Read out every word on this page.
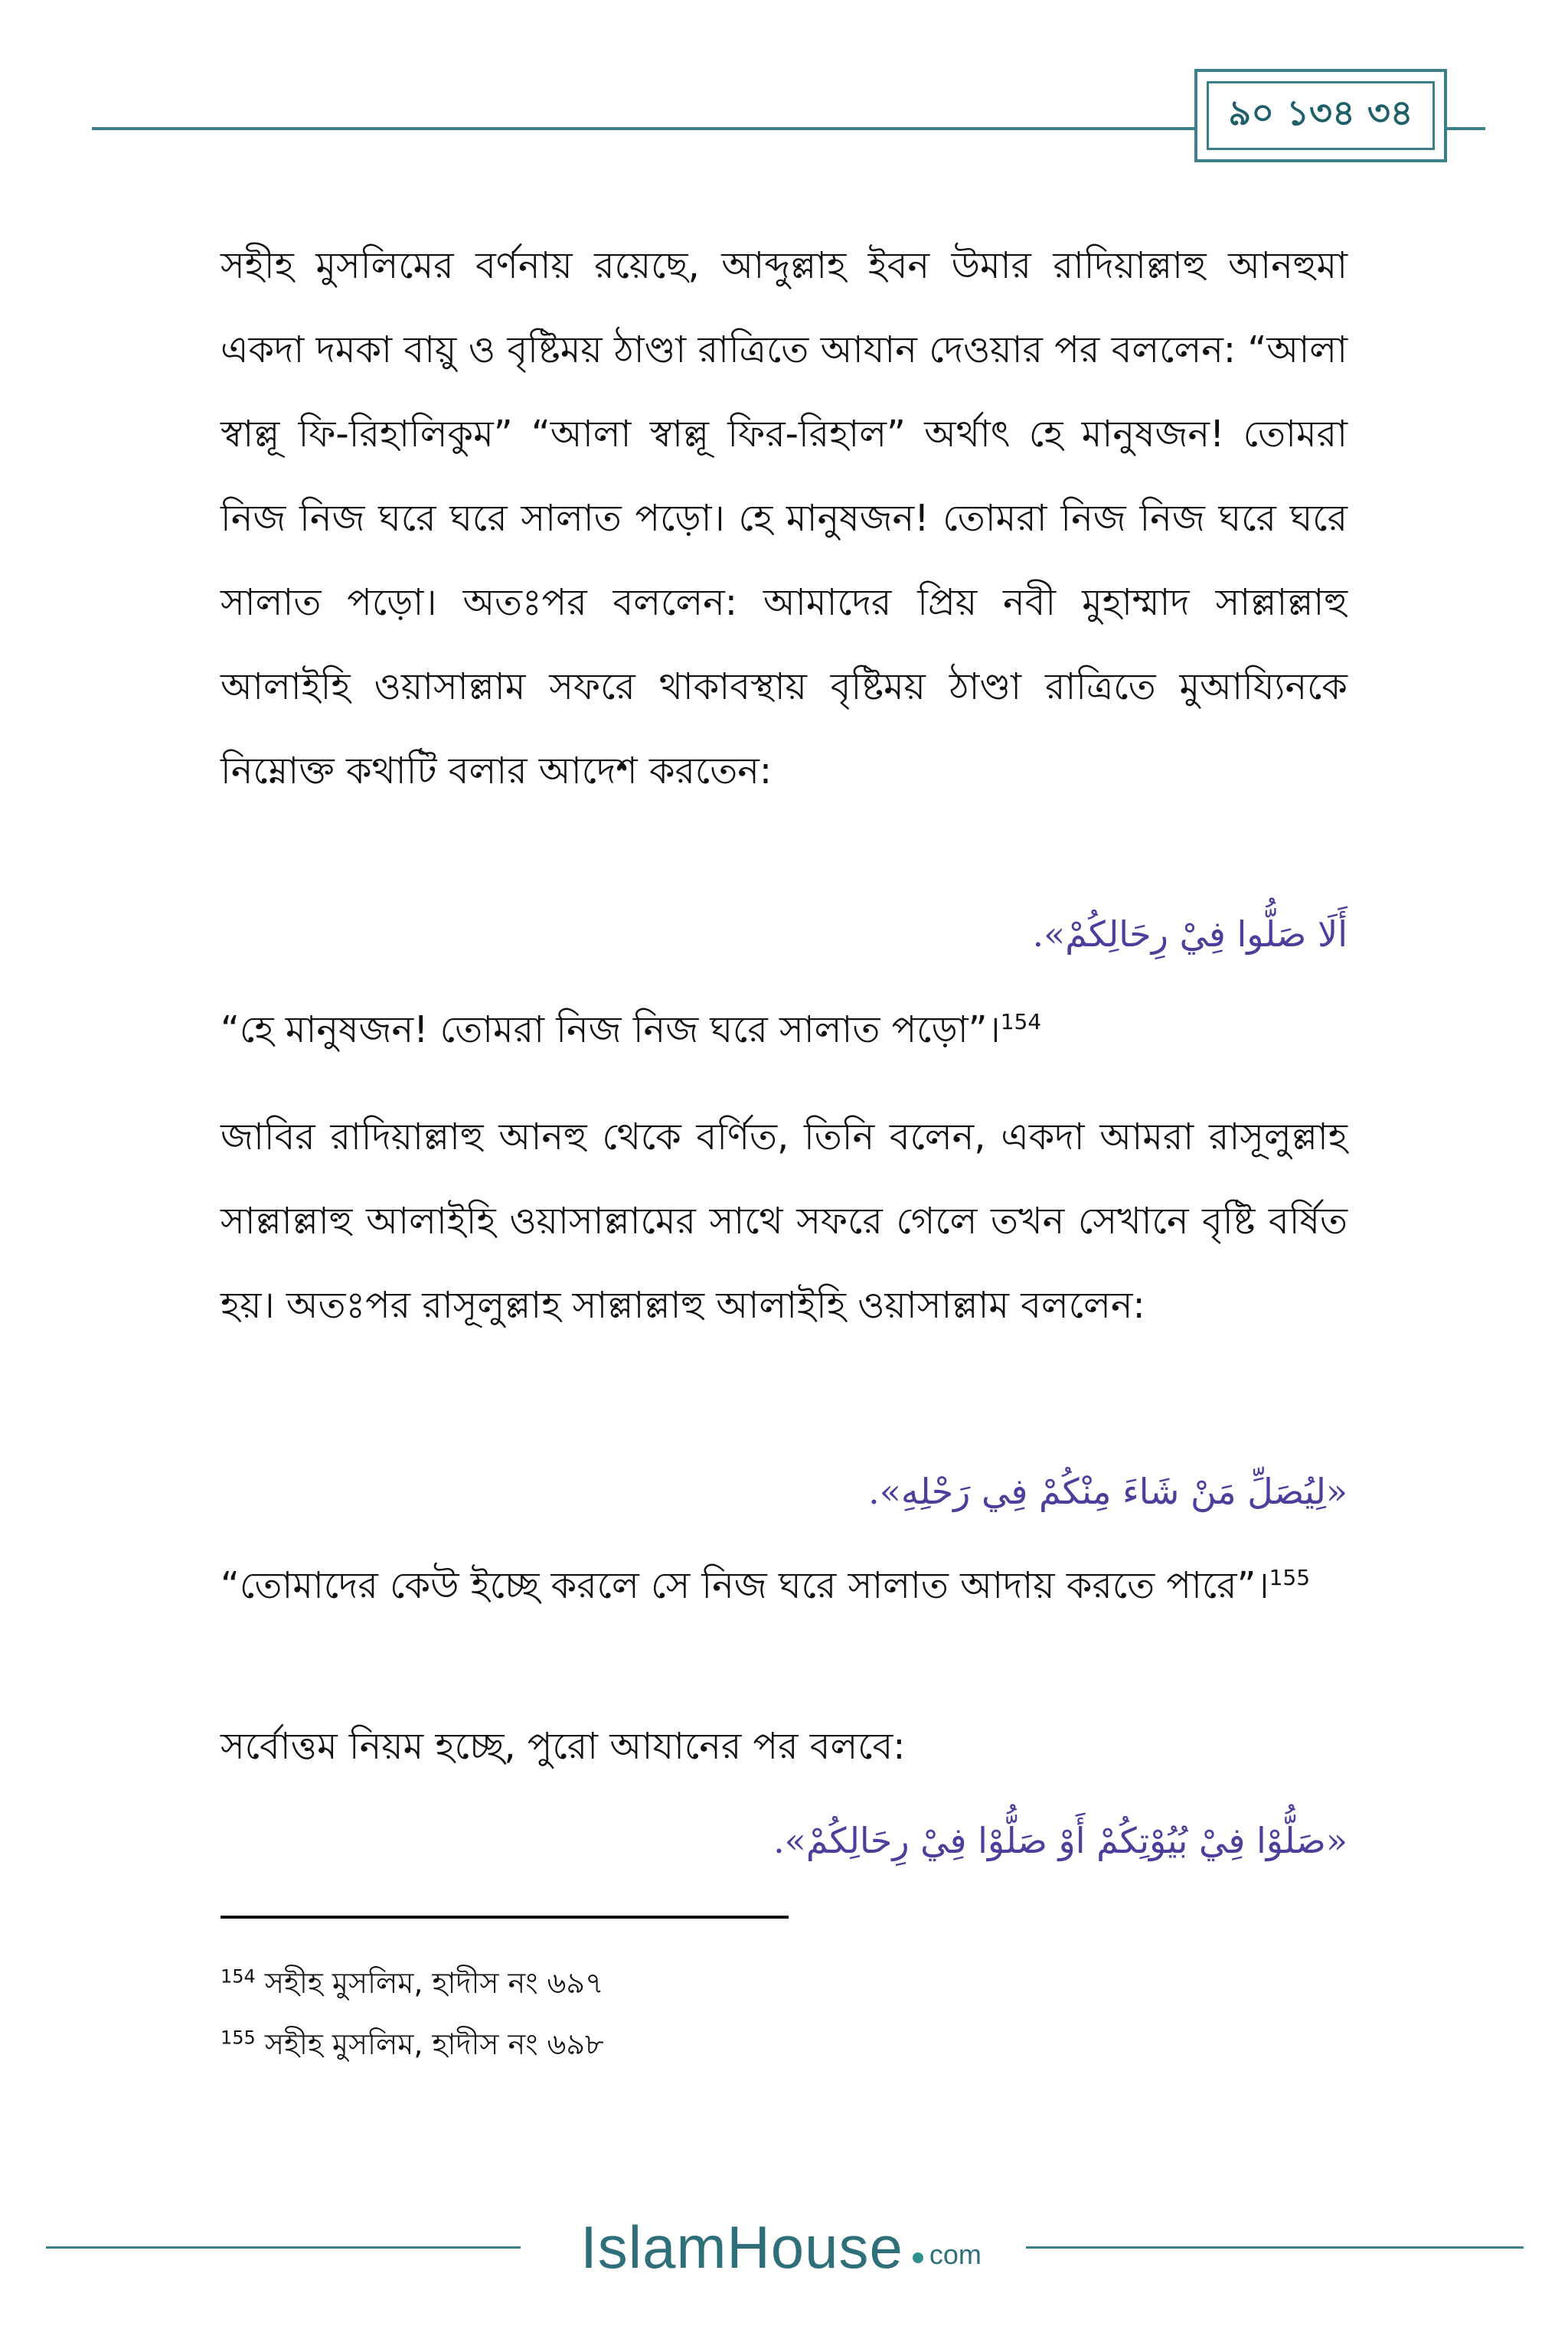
৯০ ১৩৪ ৩৪

সহীহ মুসলিমের বর্ণনায় রয়েছে, আব্দুল্লাহ ইবন উমার রাদিয়াল্লাহু আনহুমা একদা দমকা বায়ু ও বৃষ্টিময় ঠাণ্ডা রাত্রিতে আযান দেওয়ার পর বললেন: “আলা স্বাল্লূ ফি-রিহালিকুম” “আলা স্বাল্লূ ফির-রিহাল” অর্থাৎ হে মানুষজন! তোমরা নিজ নিজ ঘরে ঘরে সালাত পড়ো। হে মানুষজন! তোমরা নিজ নিজ ঘরে ঘরে সালাত পড়ো। অতঃপর বললেন: আমাদের প্রিয় নবী মুহাম্মাদ সাল্লাল্লাহু আলাইহি ওয়াসাল্লাম সফরে থাকাবস্থায় বৃষ্টিময় ঠাণ্ডা রাত্রিতে মুআয্যিনকে নিম্নোক্ত কথাটি বলার আদেশ করতেন:

أَلَا صَلُّوا فِيْ رِحَالِكُمْ».

“হে মানুষজন! তোমরা নিজ নিজ ঘরে সালাত পড়ো”।$^{154}$

জাবির রাদিয়াল্লাহু আনহু থেকে বর্ণিত, তিনি বলেন, একদা আমরা রাসূলুল্লাহ সাল্লাল্লাহু আলাইহি ওয়াসাল্লামের সাথে সফরে গেলে তখন সেখানে বৃষ্টি বর্ষিত হয়। অতঃপর রাসূলুল্লাহ সাল্লাল্লাহু আলাইহি ওয়াসাল্লাম বললেন:

«لِيُصَلِّ مَنْ شَاءَ مِنْكُمْ فِي رَحْلِهِ».

“তোমাদের কেউ ইচ্ছে করলে সে নিজ ঘরে সালাত আদায় করতে পারে”।$^{155}$

সর্বোত্তম নিয়ম হচ্ছে, পুরো আযানের পর বলবে:

«صَلُّوْا فِيْ بُيُوْتِكُمْ أَوْ صَلُّوْا فِيْ رِحَالِكُمْ».

$^{154}$ সহীহ মুসলিম, হাদীস নং ৬৯৭

$^{155}$ সহীহ মুসলিম, হাদীস নং ৬৯৮

IslamHouse com
